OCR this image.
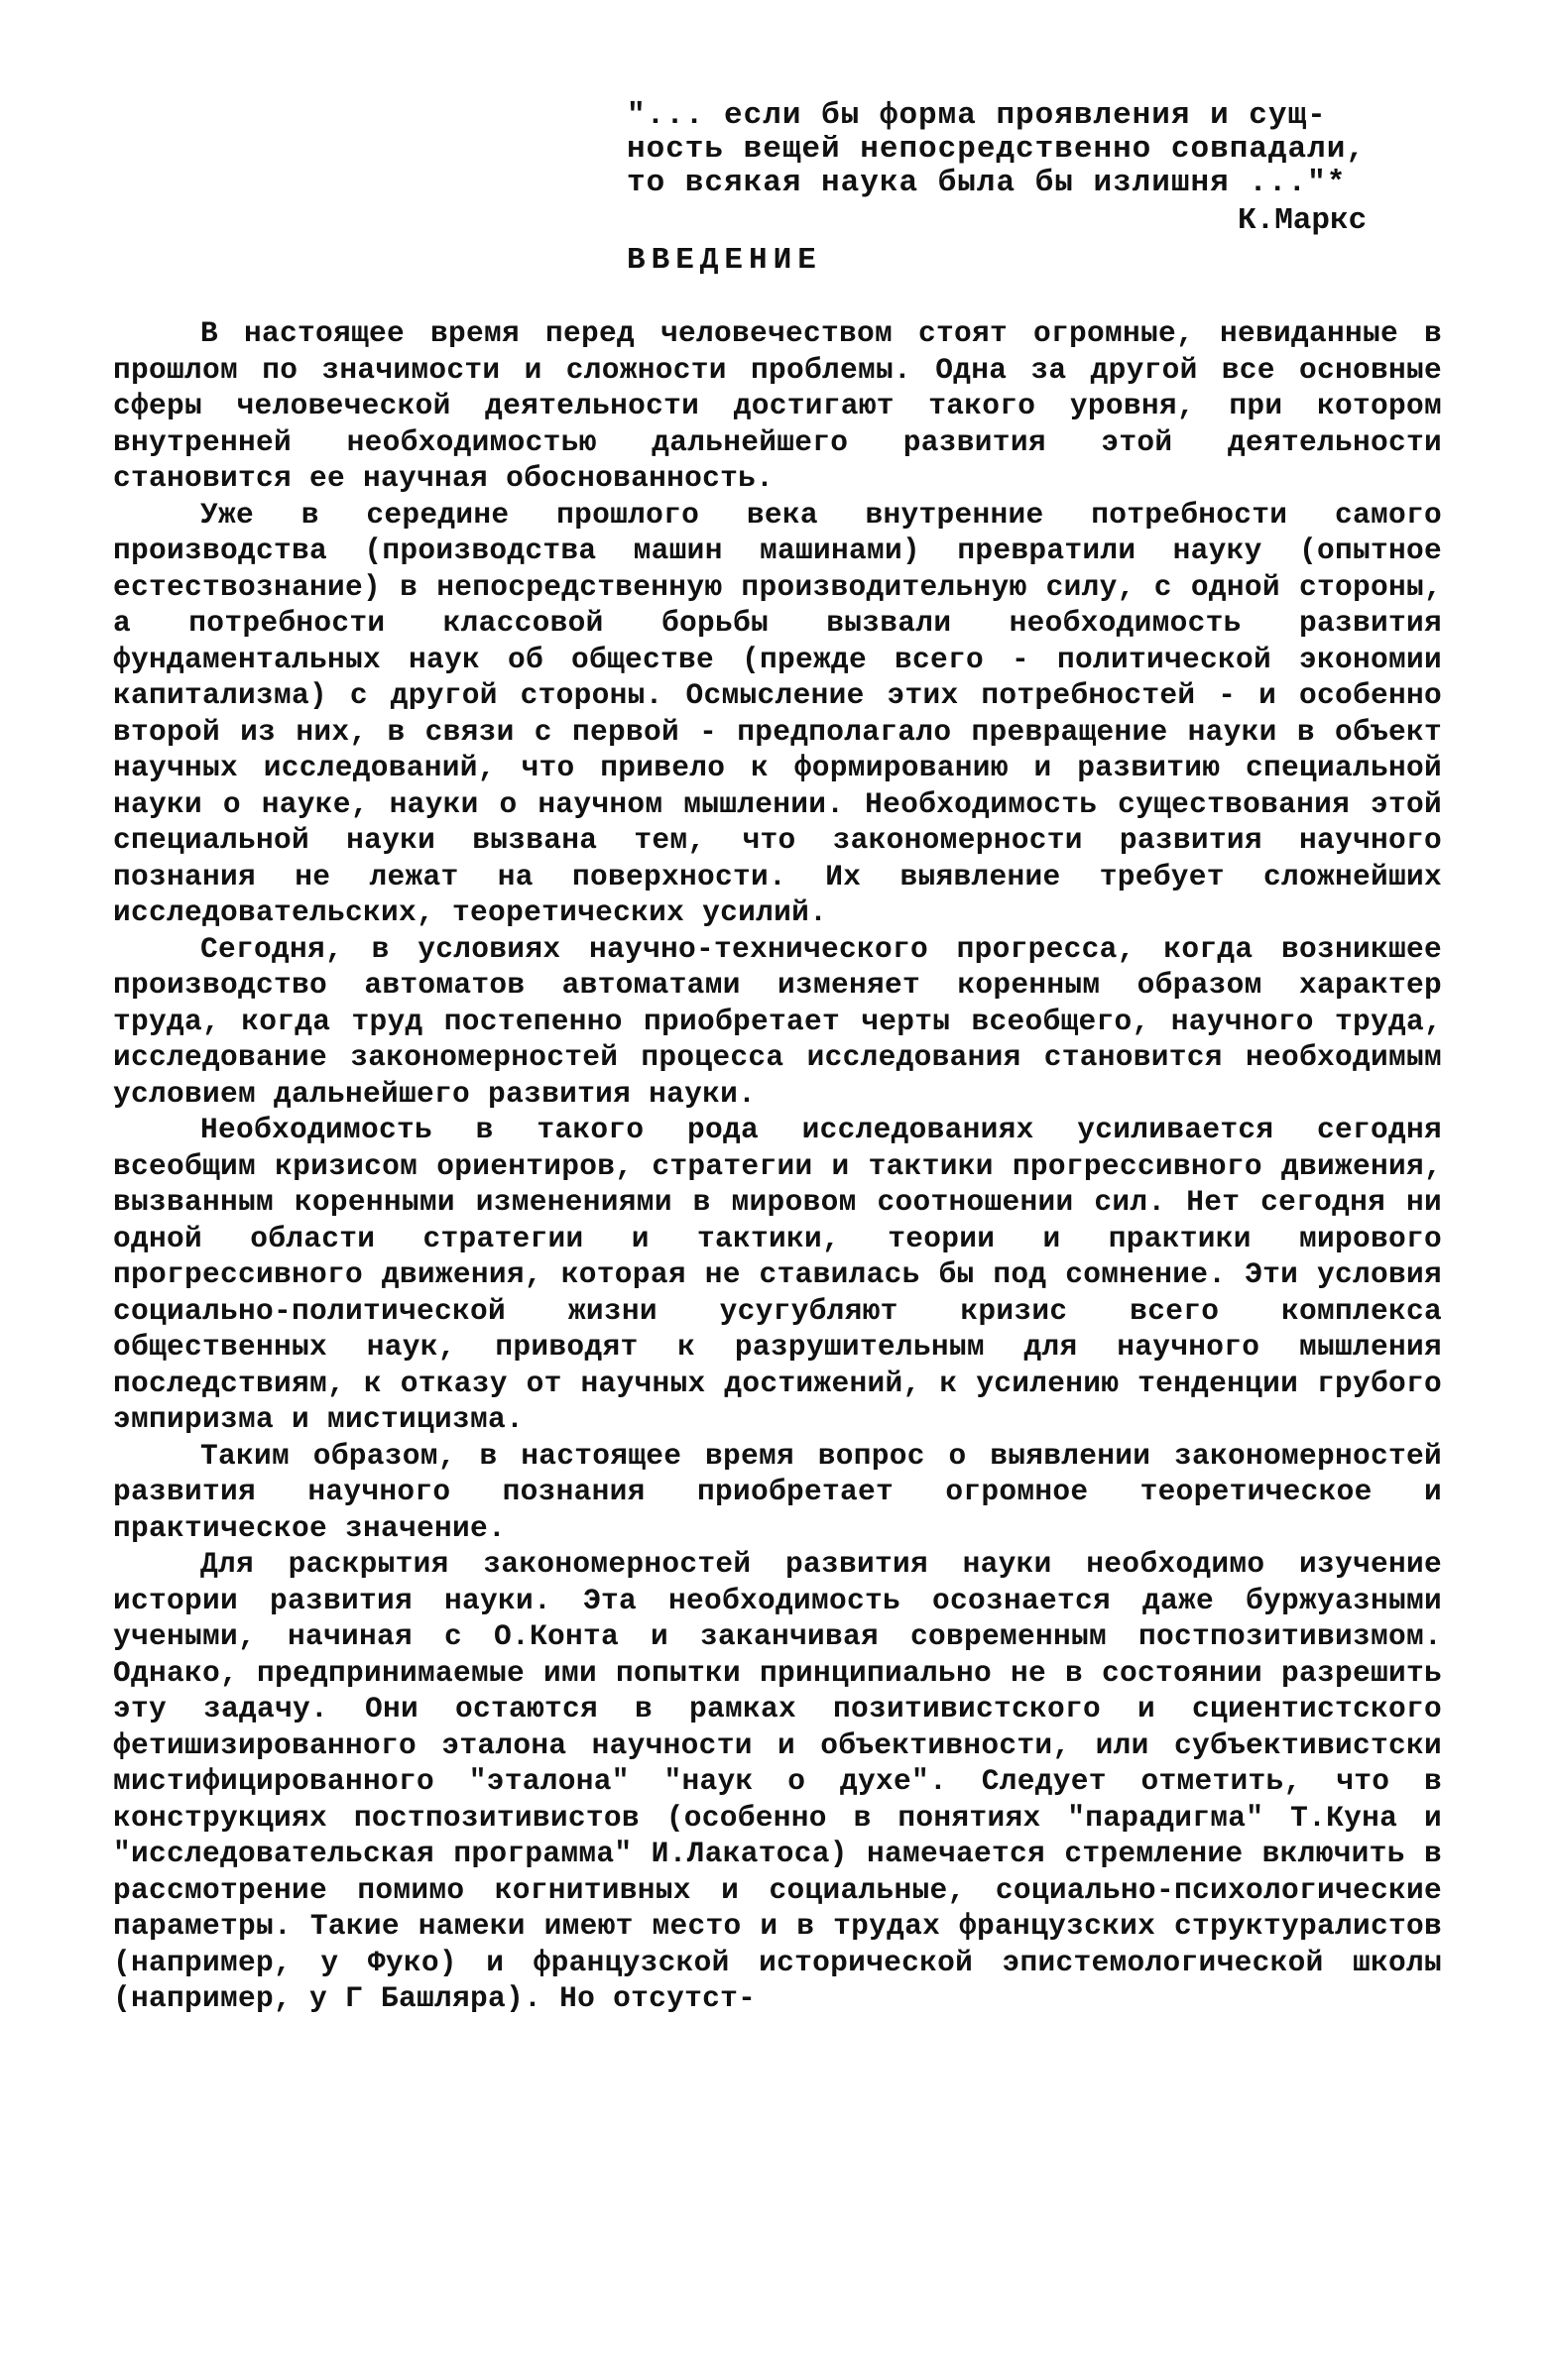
"... если бы форма проявления и сущ-
ность вещей непосредственно совпадали,
то всякая наука была бы излишня ..."*
К.Маркс
ВВЕДЕНИЕ

В настоящее время перед человечеством стоят огромные, невиданные в прошлом по значимости и сложности проблемы. Одна за другой все основные сферы человеческой деятельности достигают такого уровня, при котором внутренней необходимостью дальнейшего развития этой деятельности становится ее научная обоснованность.

Уже в середине прошлого века внутренние потребности самого производства (производства машин машинами) превратили науку (опытное естествознание) в непосредственную производительную силу, с одной стороны, а потребности классовой борьбы вызвали необходимость развития фундаментальных наук об обществе (прежде всего - политической экономии капитализма) с другой стороны. Осмысление этих потребностей - и особенно второй из них, в связи с первой - предполагало превращение науки в объект научных исследований, что привело к формированию и развитию специальной науки о науке, науки о научном мышлении. Необходимость существования этой специальной науки вызвана тем, что закономерности развития научного познания не лежат на поверхности. Их выявление требует сложнейших исследовательских, теоретических усилий.

Сегодня, в условиях научно-технического прогресса, когда возникшее производство автоматов автоматами изменяет коренным образом характер труда, когда труд постепенно приобретает черты всеобщего, научного труда, исследование закономерностей процесса исследования становится необходимым условием дальнейшего развития науки.

Необходимость в такого рода исследованиях усиливается сегодня всеобщим кризисом ориентиров, стратегии и тактики прогрессивного движения, вызванным коренными изменениями в мировом соотношении сил. Нет сегодня ни одной области стратегии и тактики, теории и практики мирового прогрессивного движения, которая не ставилась бы под сомнение. Эти условия социально-политической жизни усугубляют кризис всего комплекса общественных наук, приводят к разрушительным для научного мышления последствиям, к отказу от научных достижений, к усилению тенденции грубого эмпиризма и мистицизма.

Таким образом, в настоящее время вопрос о выявлении закономерностей развития научного познания приобретает огромное теоретическое и практическое значение.

Для раскрытия закономерностей развития науки необходимо изучение истории развития науки. Эта необходимость осознается даже буржуазными учеными, начиная с О.Конта и заканчивая современным постпозитивизмом. Однако, предпринимаемые ими попытки принципиально не в состоянии разрешить эту задачу. Они остаются в рамках позитивистского и сциентистского фетишизированного эталона научности и объективности, или субъективистски мистифицированного "эталона" "наук о духе". Следует отметить, что в конструкциях постпозитивистов (особенно в понятиях "парадигма" Т.Куна и "исследовательская программа" И.Лакатоса) намечается стремление включить в рассмотрение помимо когнитивных и социальные, социально-психологические параметры. Такие намеки имеют место и в трудах французских структуралистов (например, у Фуко) и французской исторической эпистемологической школы (например, у Г Башляра). Но отсутст-
